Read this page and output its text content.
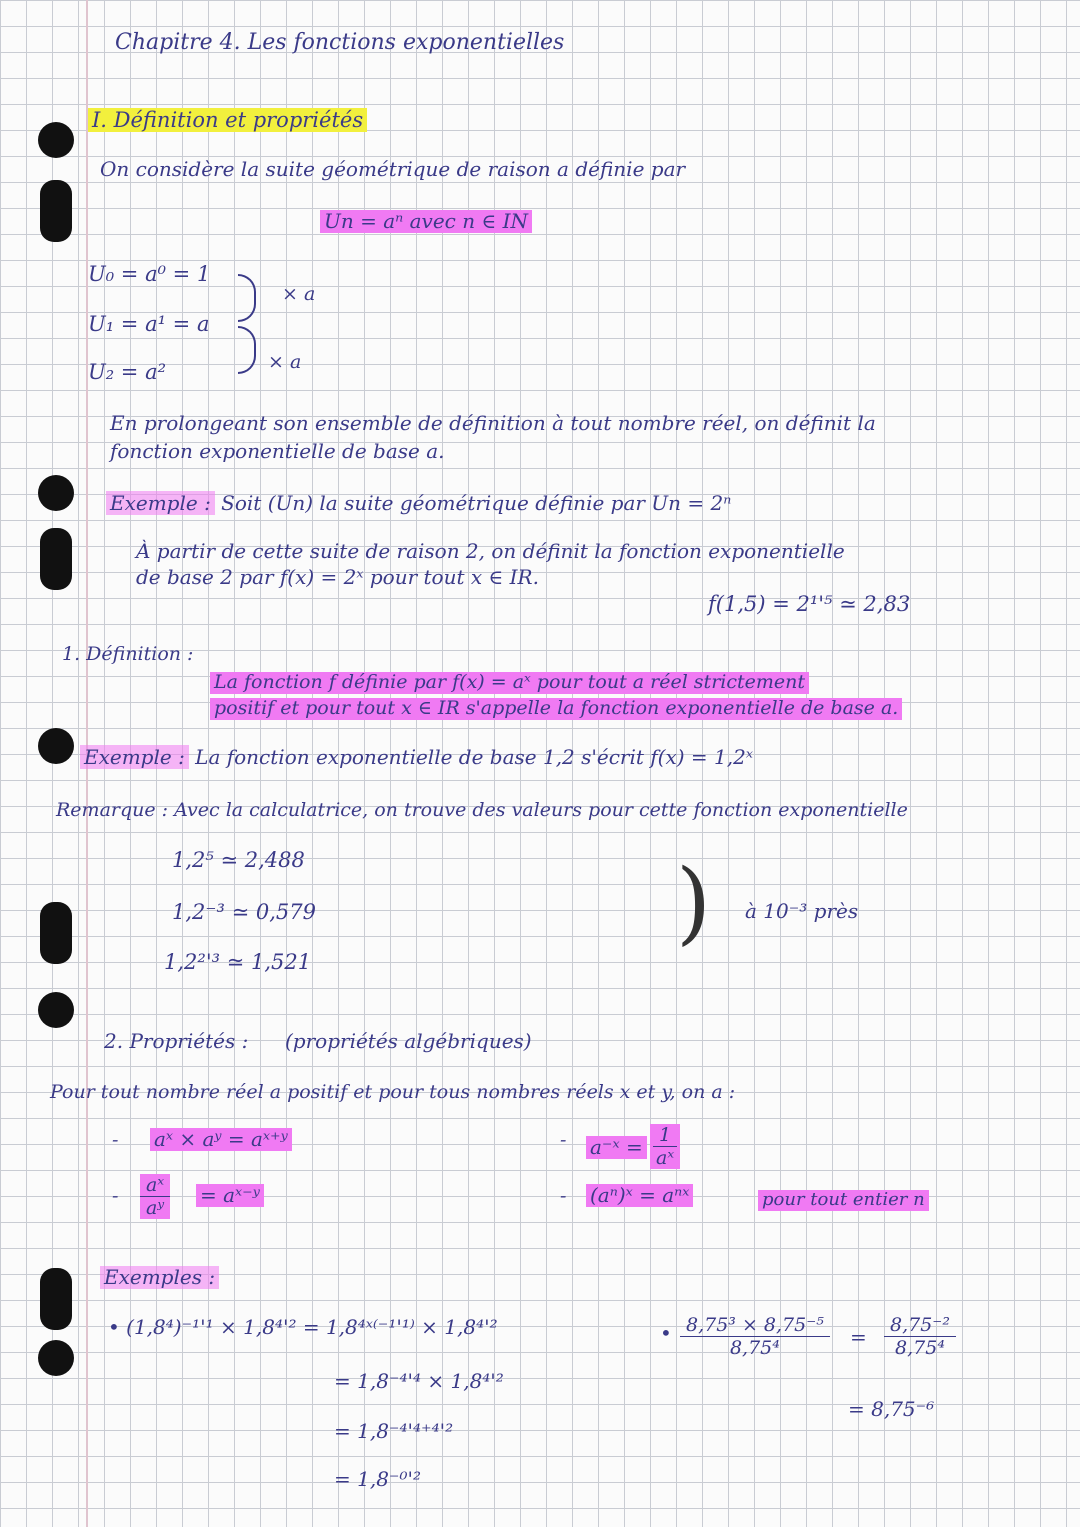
Chapitre 4. Les fonctions exponentielles
I. Définition et propriétés
On considère la suite géométrique de raison a définie par
Un = aⁿ avec n ∈ IN
U₀ = a⁰ = 1
U₁ = a¹ = a
U₂ = a²
× a
× a
En prolongeant son ensemble de définition à tout nombre réel, on définit la
fonction exponentielle de base a.
Exemple : Soit (Un) la suite géométrique définie par Un = 2ⁿ
À partir de cette suite de raison 2, on définit la fonction exponentielle
de base 2 par f(x) = 2ˣ pour tout x ∈ IR.
f(1,5) = 2¹'⁵ ≃ 2,83
1. Définition :
La fonction f définie par f(x) = aˣ pour tout a réel strictement
positif et pour tout x ∈ IR s'appelle la fonction exponentielle de base a.
Exemple : La fonction exponentielle de base 1,2 s'écrit f(x) = 1,2ˣ
Remarque : Avec la calculatrice, on trouve des valeurs pour cette fonction exponentielle
1,2⁵ ≃ 2,488
1,2⁻³ ≃ 0,579
1,2²'³ ≃ 1,521
) à 10⁻³ près
2. Propriétés : (propriétés algébriques)
Pour tout nombre réel a positif et pour tous nombres réels x et y, on a :
- aˣ × aʸ = aˣ⁺ʸ
- $\frac{\text{aˣ}}{\text{aʸ}}$ = aˣ⁻ʸ
- a⁻ˣ = $\frac{1}{\text{aˣ}}$
- (aⁿ)ˣ = aⁿˣ	pour tout entier n
Exemples :
• (1,8⁴)⁻¹'¹ × 1,8⁴'² = 1,8⁴ˣ⁽⁻¹'¹⁾ × 1,8⁴'²
= 1,8⁻⁴'⁴ × 1,8⁴'²
= 1,8⁻⁴'⁴⁺⁴'²
= 1,8⁻⁰'²
• $\frac{\text{8,75³ × 8,75⁻⁵}}{\text{8,75⁴}} = \frac{\text{8,75⁻²}}{\text{8,75⁴}}$
= 8,75⁻⁶
